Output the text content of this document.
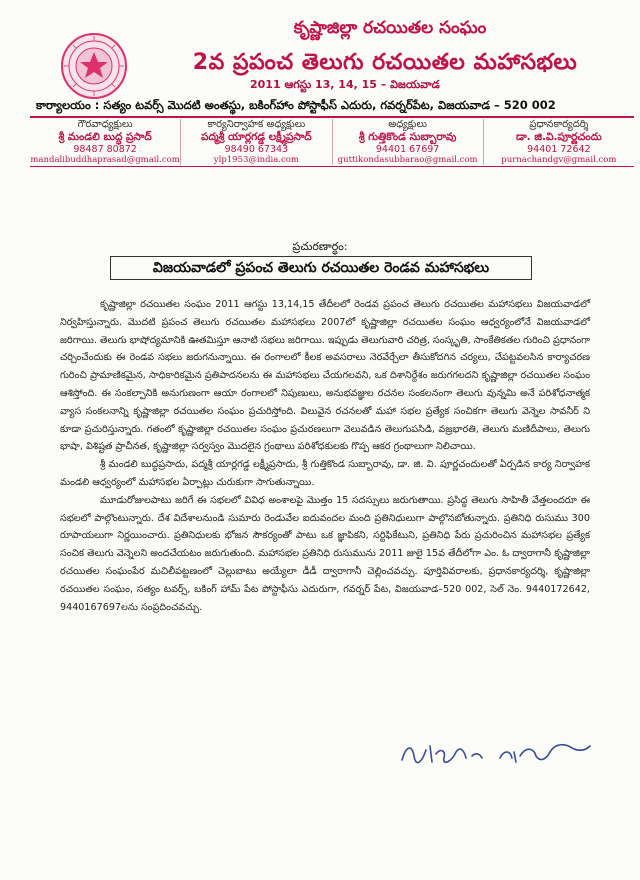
కృష్ణాజిల్లా రచయితల సంఘం
2వ ప్రపంచ తెలుగు రచయితల మహాసభలు
2011 ఆగస్టు 13, 14, 15 – విజయవాడ
కార్యాలయం : సత్యం టవర్స్ మొదటి అంతస్థు, బకింగ్‌హాం పోస్టాఫీస్ ఎదురు, గవర్నర్‌పేట, విజయవాడ – 520 002
గౌరవాధ్యక్షులు
శ్రీ మండలి బుద్ధ ప్రసాద్
98487 80872
mandalibuddhaprasad@gmail.com
కార్యనిర్వాహక అధ్యక్షులు
పద్మశ్రీ యార్లగడ్డ లక్ష్మీప్రసాద్
98490 67343
ylp1953@india.com
అధ్యక్షులు
శ్రీ గుత్తికొండ సుబ్బారావు
94401 67697
guttikondasubbarao@gmail.com
ప్రధానకార్యదర్శి
డా. జి.వి.పూర్ణచందు
94401 72642
purnachandgv@gmail.com
ప్రచురణార్థం:
విజయవాడలో ప్రపంచ తెలుగు రచయితల రెండవ మహాసభలు

కృష్ణాజిల్లా రచయితల సంఘం 2011 ఆగస్టు 13,14,15 తేదీలలో రెండవ ప్రపంచ తెలుగు రచయితల మహాసభలు విజయవాడలో నిర్వహిస్తున్నారు. మొదటి ప్రపంచ తెలుగు రచయితల మహాసభలు 2007లో కృష్ణాజిల్లా రచయితల సంఘం ఆధ్వర్యంలోనే విజయవాడలో జరిగాయి. తెలుగు భాషోద్యమానికి ఊతమిస్తూ ఆనాటి సభలు జరిగాయి. ఇప్పుడు తెలుగువారి చరిత్ర, సంస్కృతి, సాంకేతికతల గురించి ప్రధానంగా చర్చించేందుకు ఈ రెండవ సభలు జరుగనున్నాయి. ఈ రంగాలలో కీలక అవసరాలు నెరవేర్చేలా తీసుకోదగిన చర్యలు, చేపట్టవలసిన కార్యాచరణ గురించి ప్రామాణికమైన, సాధికారికమైన ప్రతిపాదనలను ఈ మహాసభలు చేయగలవని, ఒక దిశానిర్దేశం జరుగగలదని కృష్ణాజిల్లా రచయితల సంఘం ఆశిస్తోంది. ఈ సంకల్పానికి అనుగుణంగా ఆయా రంగాలలో నిపుణులు, అనుభవజ్ఞుల రచనల సంకలనంగా తెలుగు వున్నమి అనే పరిశోధనాత్మక వ్యాస సంకలనాన్ని కృష్ణాజిల్లా రచయితల సంఘం ప్రచురిస్తోంది. విలువైన రచనలతో మహా సభల ప్రత్యేక సంచికగా తెలుగు వెన్నెల సావనీర్ ని కూడా ప్రచురిస్తున్నారు. గతంలో కృష్ణాజిల్లా రచయితల సంఘం ప్రచురణలుగా వెలువడిన తెలుగుపసిడి, వజ్రభారతి, తెలుగు మణిదీపాలు, తెలుగు భాషా, విశిష్టత ప్రాచీనత, కృష్ణాజిల్లా సర్వస్వం మొదలైన గ్రంథాలు పరిశోధకులకు గొప్ప ఆకర గ్రంథాలుగా నిలిచాయి.

శ్రీ మండలి బుద్ధప్రసాదు, పద్మశ్రీ యార్లగడ్డ లక్ష్మీప్రసాదు, శ్రీ గుత్తికొండ సుబ్బారావు, డా. జి. వి. పూర్ణచందులతో ఏర్పడిన కార్య నిర్వాహక మండలి ఆధ్వర్యంలో మహాసభల ఏర్పాట్లు చురుకుగా సాగుతున్నాయి.

మూడురోజులపాటు జరిగే ఈ సభలలో వివిధ అంశాలపై మొత్తం 15 సదస్సులు జరుగుతాయి. ప్రసిద్ధ తెలుగు సాహితీ వేత్తలందరూ ఈ సభలలో పాల్గొంటున్నారు. దేశ విదేశాలనుండి సుమారు రెండువేల ఐదువందల మంది ప్రతినిధులుగా పాల్గొనబోతున్నారు. ప్రతినిధి రుసుము 300 రూపాయలుగా నిర్ణయించారు. ప్రతినిధులకు భోజన సౌకర్యంతో పాటు ఒక జ్ఞాపికని, సర్టిఫికేటుని, ప్రతినిధి పేరు ప్రచురించిన మహాసభల ప్రత్యేక సంచిక తెలుగు వెన్నెలని అందచేయటం జరుగుతుంది. మహాసభల ప్రతినిధి రుసుమును 2011 జులై 15వ తేదీలోగా ఎం. ఓ ద్వారాగానీ కృష్ణాజిల్లా రచయితల సంఘంపేర మచిలీపట్టణంలో చెల్లుబాటు అయ్యేలా డీడీ ద్వారాగానీ చెల్లించవచ్చు. పూర్తివివరాలకు, ప్రధానకార్యదర్శి, కృష్ణాజిల్లా రచయితల సంఘం, సత్యం టవర్స్, బకింగ్ హామ్ పేట పోస్టాఫీసు ఎదురుగా, గవర్నర్ పేట, విజయవాడ–520 002, సెల్ నెం. 9440172642, 9440167697లను సంప్రదించవచ్చు.
